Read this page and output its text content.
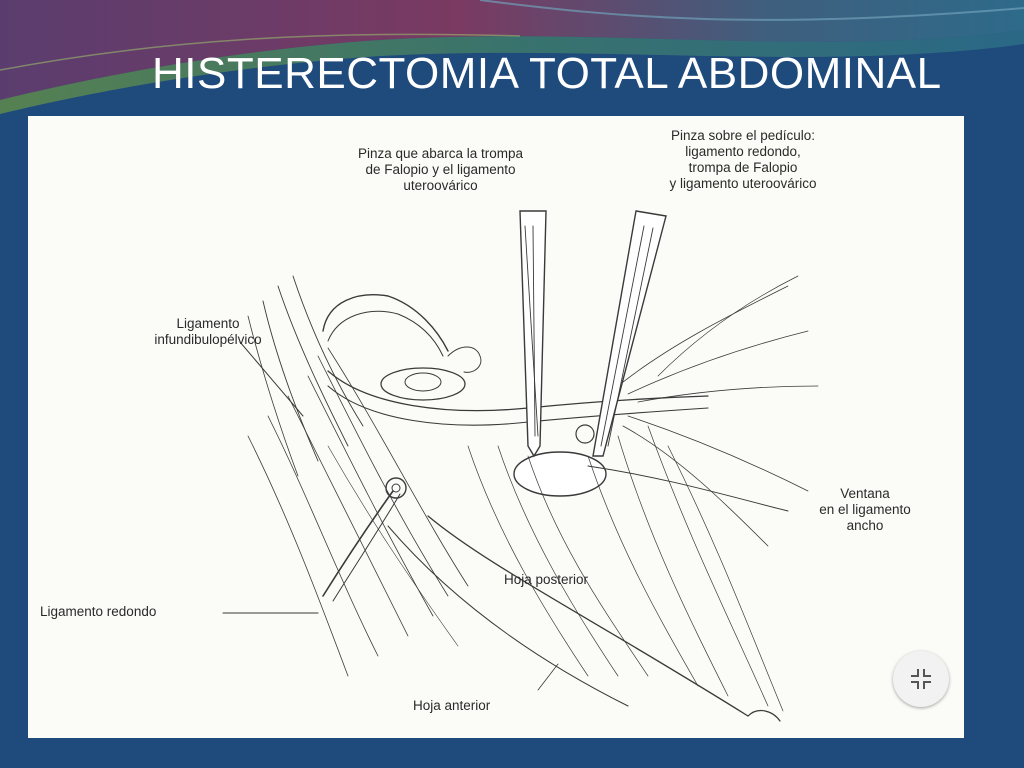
HISTERECTOMIA TOTAL ABDOMINAL
Pinza que abarca la trompa
de Falopio y el ligamento
uteroovárico
Pinza sobre el pedículo:
ligamento redondo,
trompa de Falopio
y ligamento uteroovárico
Ligamento
infundibulopélvico
Ventana
en el ligamento
ancho
Hoja posterior
Ligamento redondo
Hoja anterior
